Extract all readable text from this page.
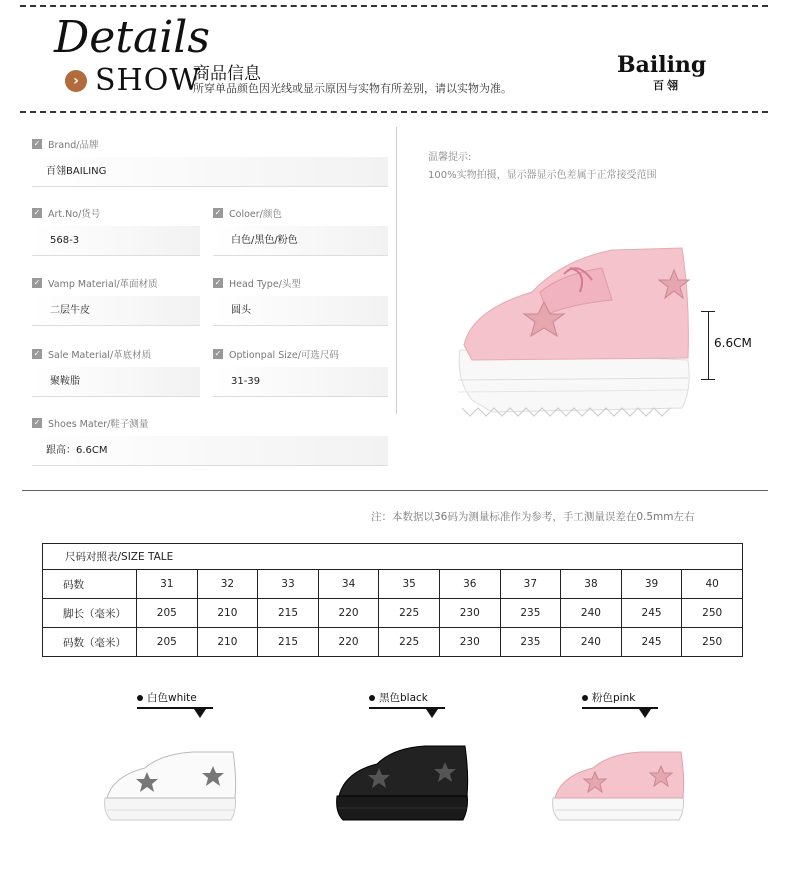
Details
› SHOW
商品信息
所穿单品颜色因光线或显示原因与实物有所差别，请以实物为准。
Bailing
百翎
✓ Brand/品牌
百翎BAILING
✓ Art.No/货号
568-3
✓ Coloer/颜色
白色/黑色/粉色
✓ Vamp Material/革面材质
二层牛皮
✓ Head Type/头型
圆头
✓ Sale Material/革底材质
聚鞍脂
✓ Optionpal Size/可选尺码
31-39
✓ Shoes Mater/鞋子测量
跟高：6.6CM
温馨提示:
100%实物拍摄，显示器显示色差属于正常接受范围
6.6CM
注：本数据以36码为测量标准作为参考，手工测量误差在0.5mm左右
尺码对照表/SIZE TALE										
码数	31	32	33	34	35	36	37	38	39	40
脚长（毫米）	205	210	215	220	225	230	235	240	245	250
码数（毫米）	205	210	215	220	225	230	235	240	245	250
白色white	黑色black	粉色pink
